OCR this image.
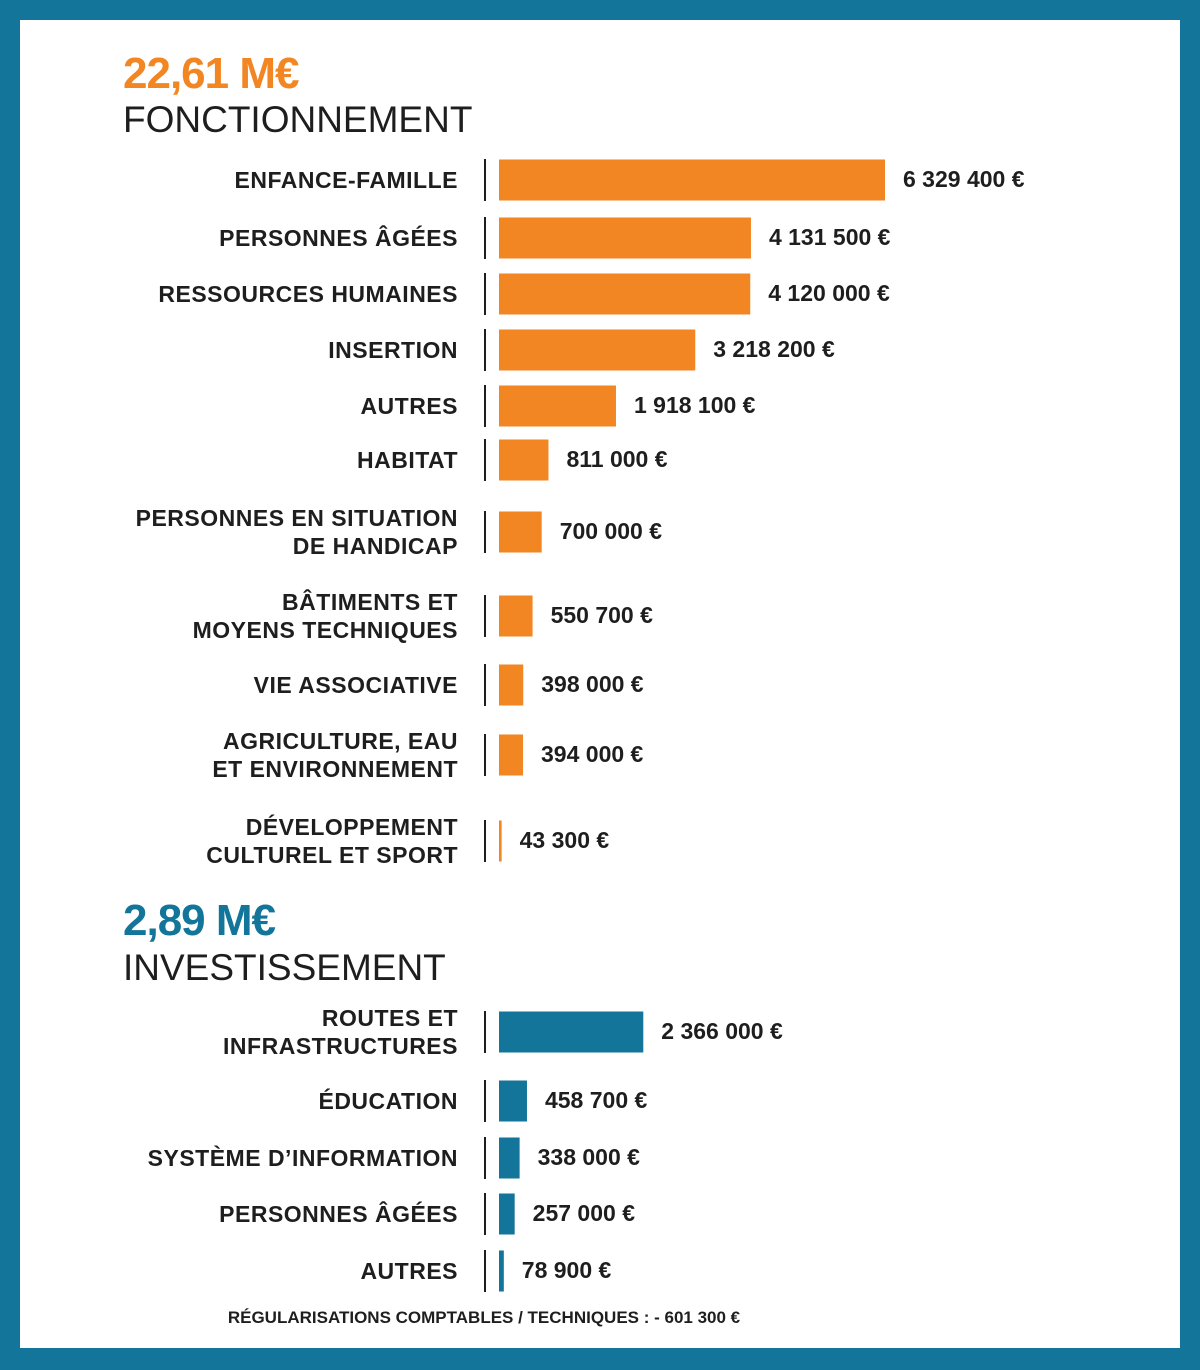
22,61 M€
FONCTIONNEMENT
ENFANCE-FAMILLE	6 329 400 €
PERSONNES ÂGÉES	4 131 500 €
RESSOURCES HUMAINES	4 120 000 €
INSERTION	3 218 200 €
AUTRES	1 918 100 €
HABITAT	811 000 €
PERSONNES EN SITUATION
DE HANDICAP
700 000 €
BÂTIMENTS ET
MOYENS TECHNIQUES
550 700 €
VIE ASSOCIATIVE	398 000 €
AGRICULTURE, EAU
ET ENVIRONNEMENT
394 000 €
DÉVELOPPEMENT
CULTUREL ET SPORT
43 300 €
2,89 M€
INVESTISSEMENT
ROUTES ET
INFRASTRUCTURES
2 366 000 €
ÉDUCATION	458 700 €
SYSTÈME D’INFORMATION	338 000 €
PERSONNES ÂGÉES	257 000 €
AUTRES	78 900 €
RÉGULARISATIONS COMPTABLES / TECHNIQUES : - 601 300 €
